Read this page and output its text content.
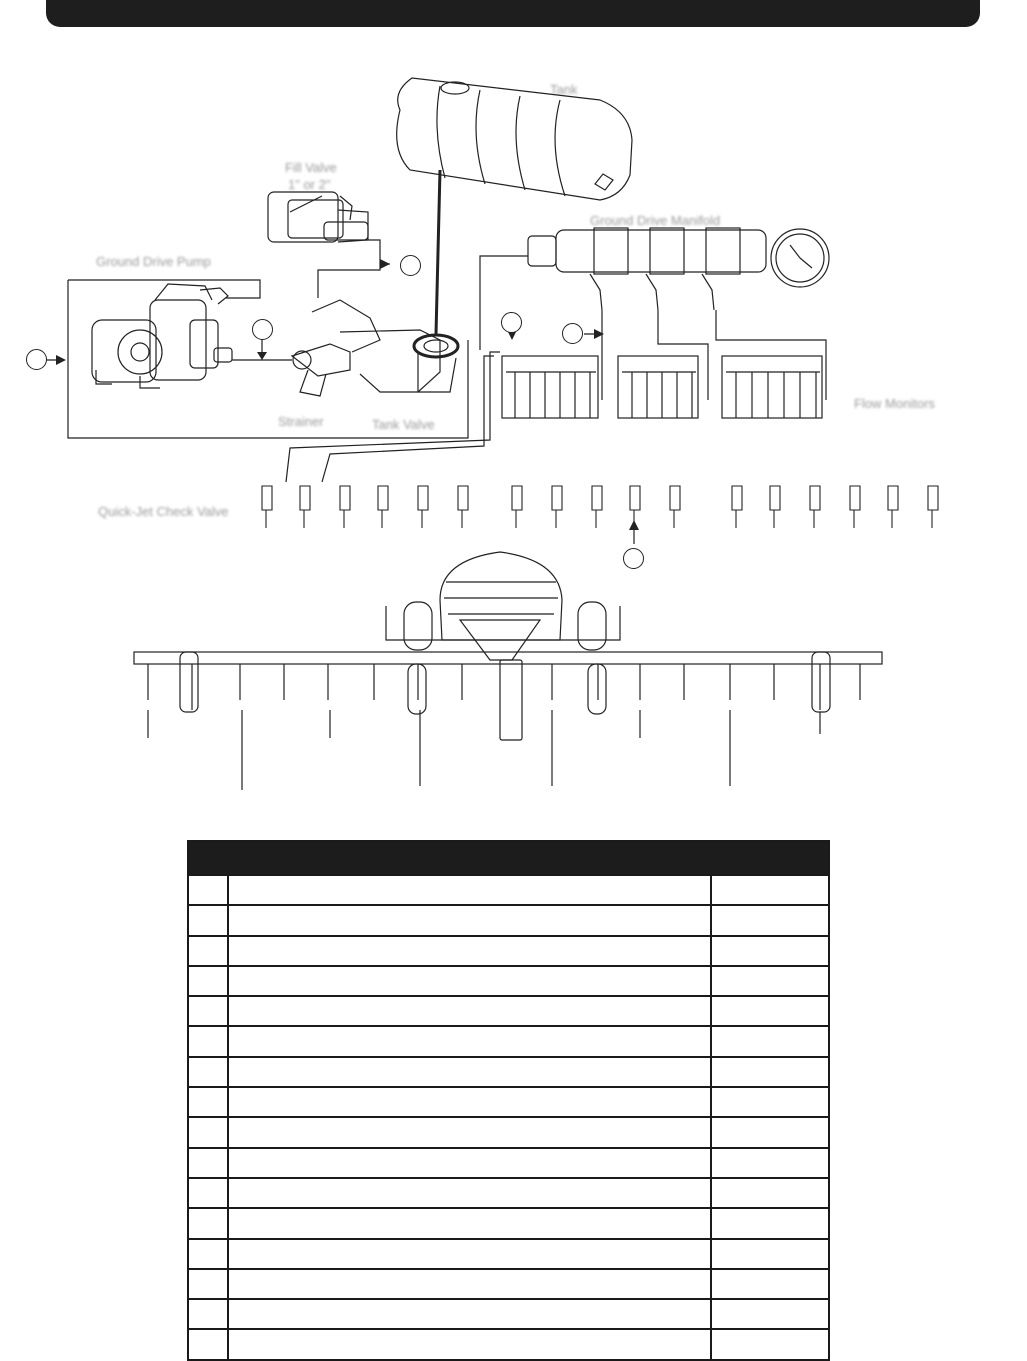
Tank
Fill Valve
1" or 2"
Ground Drive Pump
Ground Drive Manifold
Strainer	Tank Valve
Flow Monitors
Quick-Jet Check Valve
